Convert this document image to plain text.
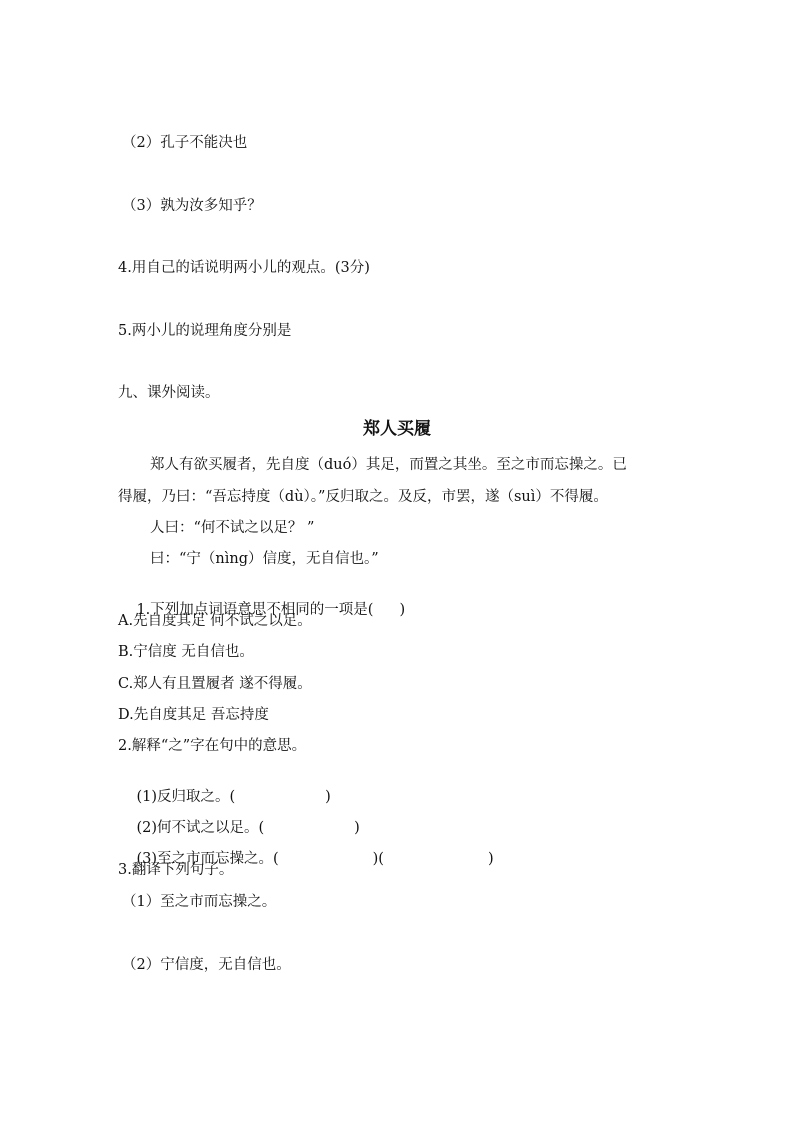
（2）孔子不能决也
（3）孰为汝多知乎？
4.用自己的话说明两小儿的观点。(3分)
5.两小儿的说理角度分别是
九、课外阅读。
郑人买履
郑人有欲买履者，先自度（duó）其足，而置之其坐。至之市而忘操之。已
得履，乃曰：“吾忘持度（dù）。”反归取之。及反，市罢，遂（suì）不得履。
人曰：“何不试之以足？ ”
曰：“宁（nìng）信度，无自信也。”

1.下列加点词语意思不相同的一项是( )

A.先自度其足 何不试之以足。
B.宁信度 无自信也。
C.郑人有且置履者 遂不得履。
D.先自度其足 吾忘持度
2.解释“之”字在句中的意思。

(1)反归取之。(	)

(2)何不试之以足。(	)

(3)至之市而忘操之。(	)(	)

3.翻译下列句子。
（1）至之市而忘操之。
（2）宁信度，无自信也。
